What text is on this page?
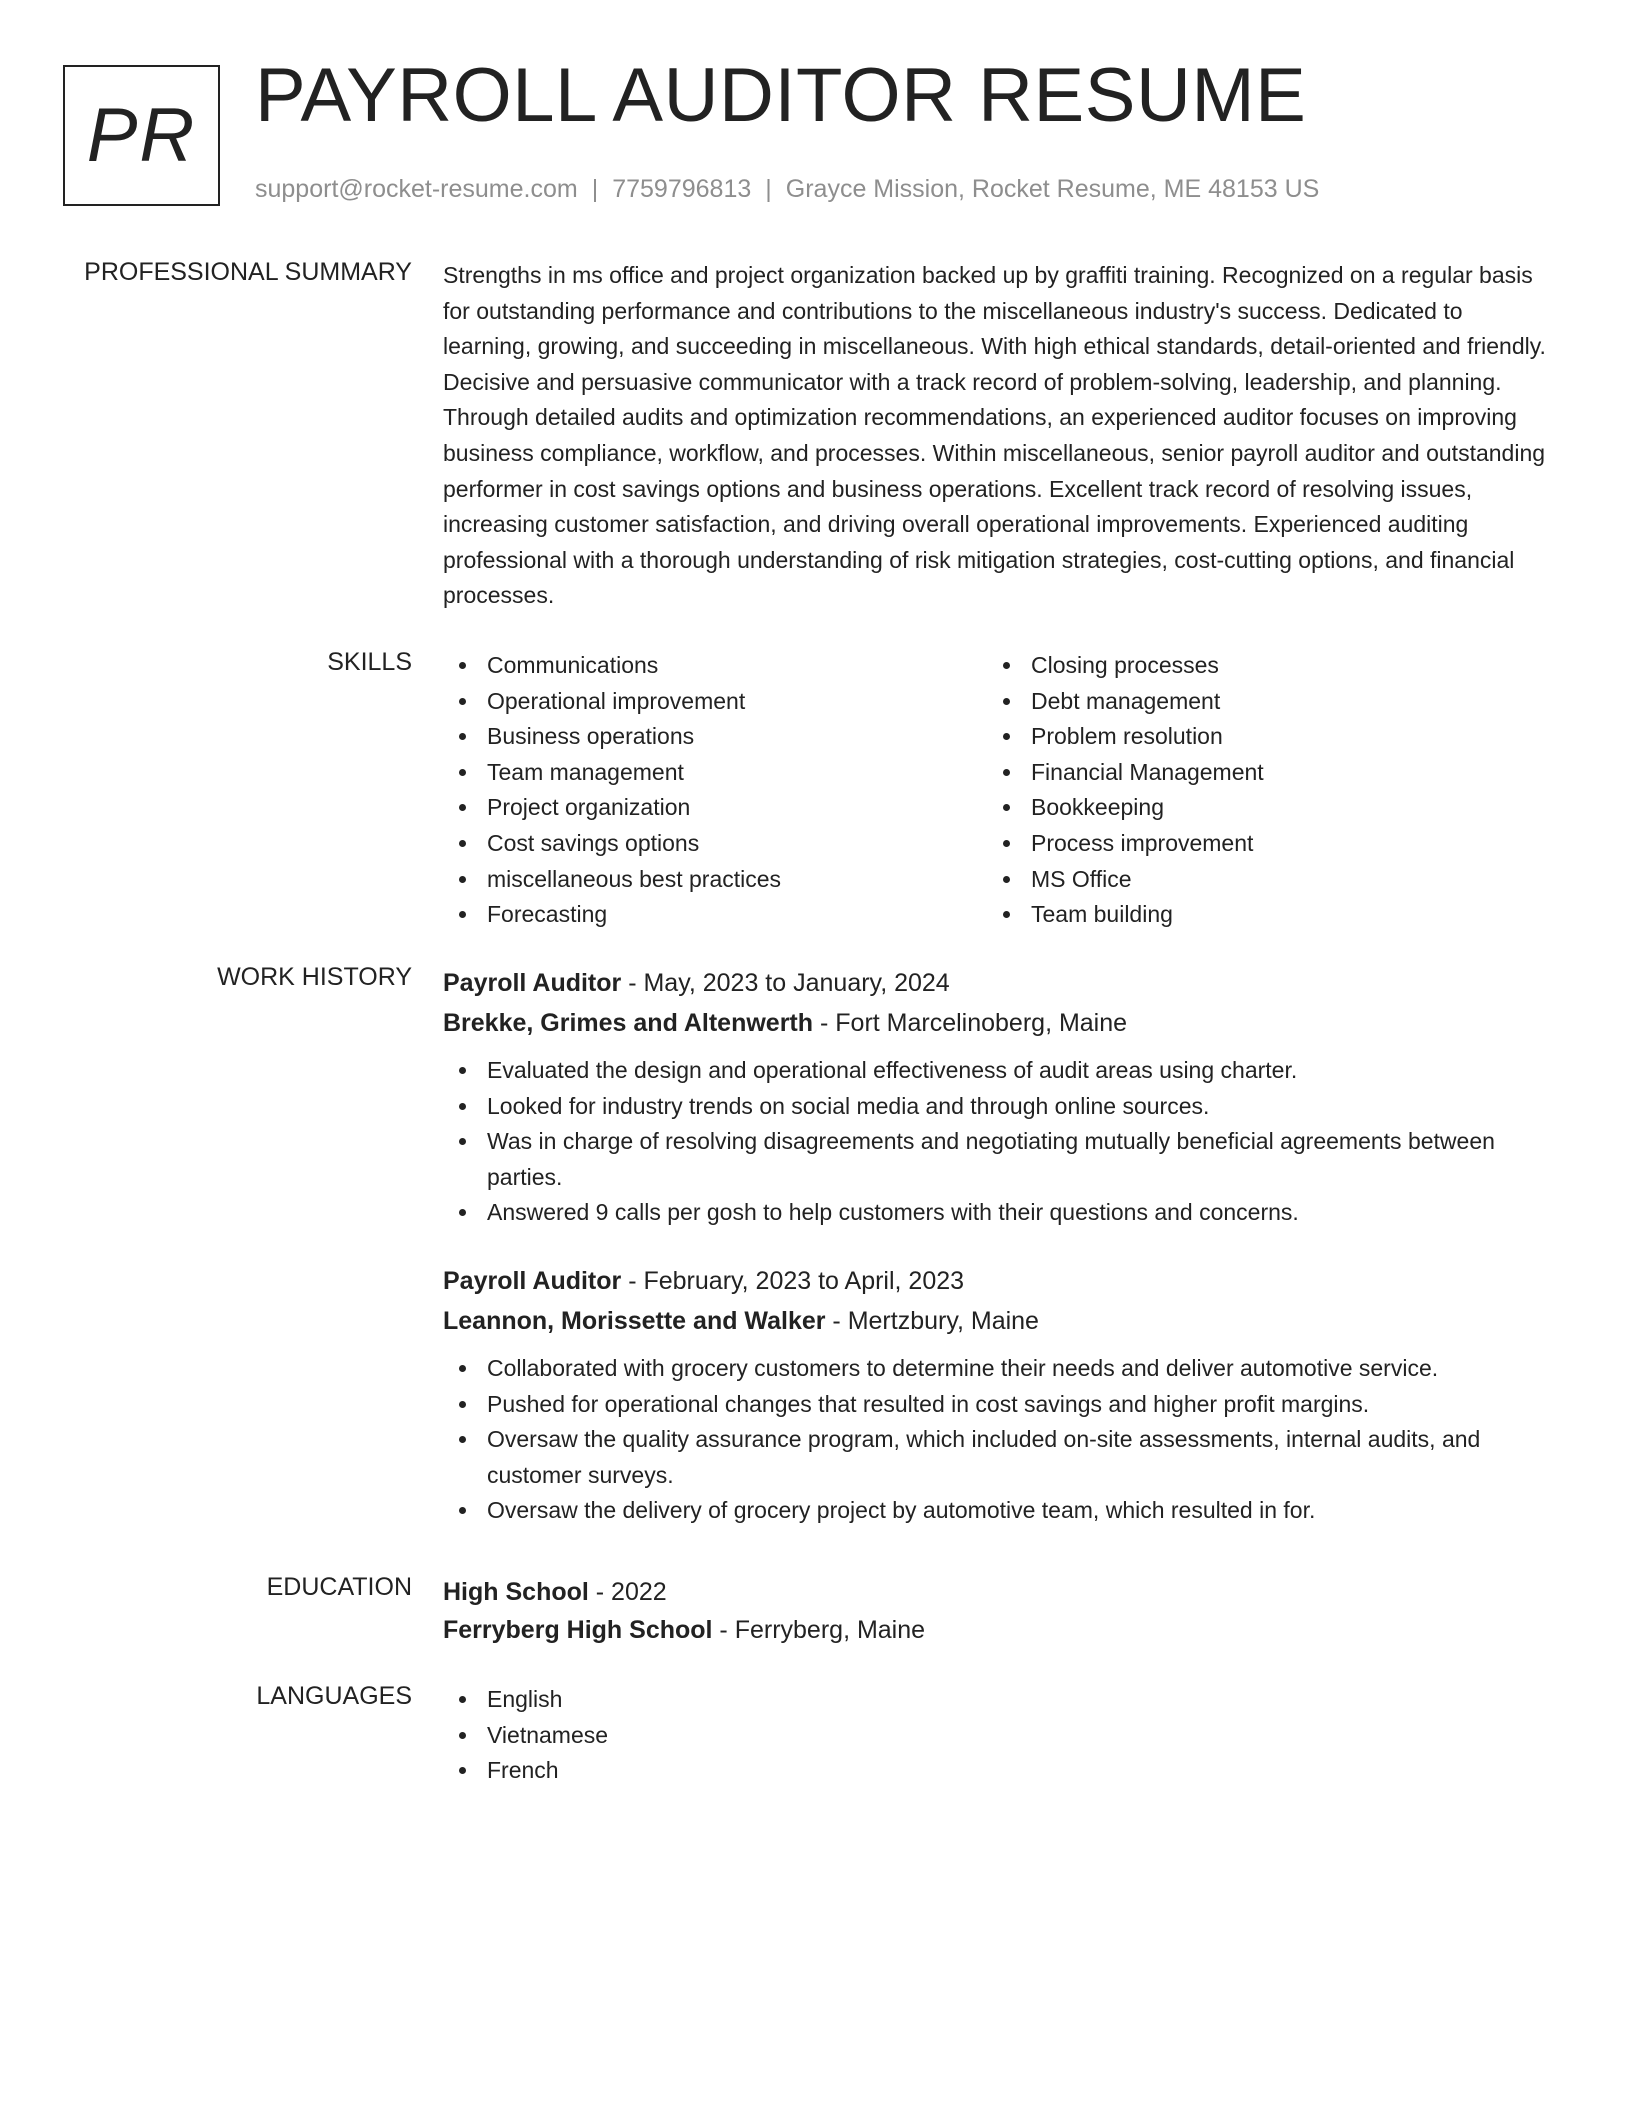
PR PAYROLL AUDITOR RESUME
support@rocket-resume.com | 7759796813 | Grayce Mission, Rocket Resume, ME 48153 US
PROFESSIONAL SUMMARY Strengths in ms office and project organization backed up by graffiti training. Recognized on a regular basis for outstanding performance and contributions to the miscellaneous industry's success. Dedicated to learning, growing, and succeeding in miscellaneous. With high ethical standards, detail-oriented and friendly. Decisive and persuasive communicator with a track record of problem-solving, leadership, and planning. Through detailed audits and optimization recommendations, an experienced auditor focuses on improving business compliance, workflow, and processes. Within miscellaneous, senior payroll auditor and outstanding performer in cost savings options and business operations. Excellent track record of resolving issues, increasing customer satisfaction, and driving overall operational improvements. Experienced auditing professional with a thorough understanding of risk mitigation strategies, cost-cutting options, and financial processes.

SKILLS	Communications
Operational improvement
Business operations
Team management
Project organization
Cost savings options
miscellaneous best practices
Forecasting
Closing processes
Debt management
Problem resolution
Financial Management
Bookkeeping
Process improvement
MS Office
Team building
WORK HISTORY Payroll Auditor - May, 2023 to January, 2024
Brekke, Grimes and Altenwerth - Fort Marcelinoberg, Maine
Evaluated the design and operational effectiveness of audit areas using charter.
Looked for industry trends on social media and through online sources.
Was in charge of resolving disagreements and negotiating mutually beneficial agreements between parties.
Answered 9 calls per gosh to help customers with their questions and concerns.
Payroll Auditor - February, 2023 to April, 2023
Leannon, Morissette and Walker - Mertzbury, Maine
Collaborated with grocery customers to determine their needs and deliver automotive service.
Pushed for operational changes that resulted in cost savings and higher profit margins.
Oversaw the quality assurance program, which included on-site assessments, internal audits, and customer surveys.
Oversaw the delivery of grocery project by automotive team, which resulted in for.
EDUCATION High School - 2022
Ferryberg High School - Ferryberg, Maine
LANGUAGES	English
Vietnamese
French
